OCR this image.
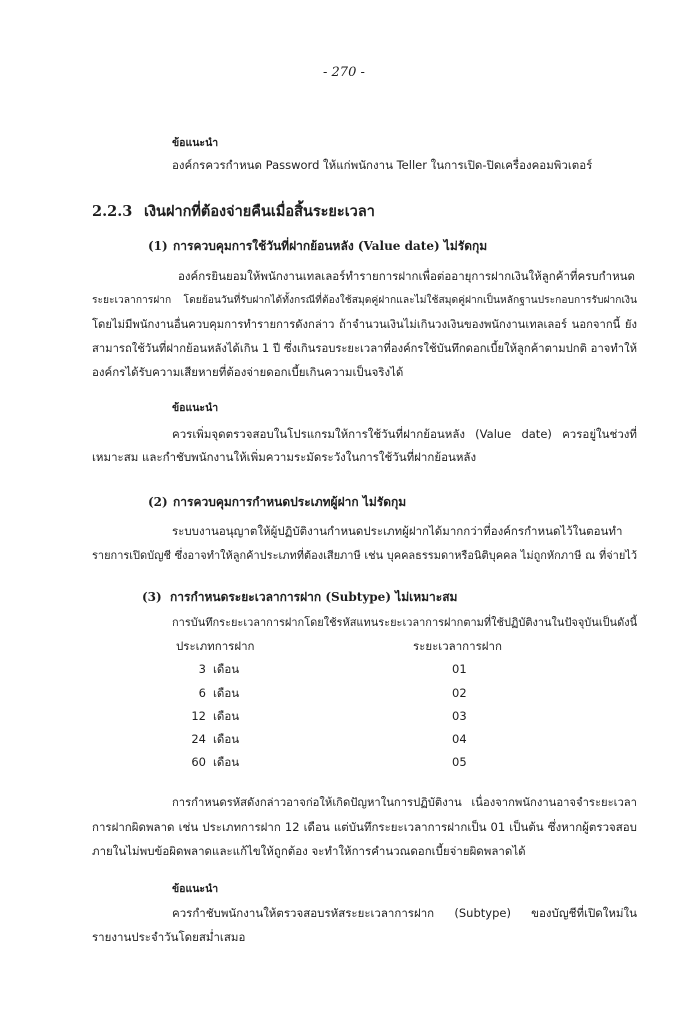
- 270 -
ข้อแนะนำ
องค์กรควรกำหนด Password ให้แก่พนักงาน Teller ในการเปิด-ปิดเครื่องคอมพิวเตอร์
2.2.3 เงินฝากที่ต้องจ่ายคืนเมื่อสิ้นระยะเวลา
(1) การควบคุมการใช้วันที่ฝากย้อนหลัง (Value date) ไม่รัดกุม
องค์กรยินยอมให้พนักงานเทลเลอร์ทำรายการฝากเพื่อต่ออายุการฝากเงินให้ลูกค้าที่ครบกำหนด
ระยะเวลาการฝาก โดยย้อนวันที่รับฝากได้ทั้งกรณีที่ต้องใช้สมุดคู่ฝากและไม่ใช้สมุดคู่ฝากเป็นหลักฐานประกอบการรับฝากเงิน
โดยไม่มีพนักงานอื่นควบคุมการทำรายการดังกล่าว ถ้าจำนวนเงินไม่เกินวงเงินของพนักงานเทลเลอร์ นอกจากนี้ ยัง
สามารถใช้วันที่ฝากย้อนหลังได้เกิน 1 ปี ซึ่งเกินรอบระยะเวลาที่องค์กรใช้บันทึกดอกเบี้ยให้ลูกค้าตามปกติ อาจทำให้
องค์กรได้รับความเสียหายที่ต้องจ่ายดอกเบี้ยเกินความเป็นจริงได้
ข้อแนะนำ
ควรเพิ่มจุดตรวจสอบในโปรแกรมให้การใช้วันที่ฝากย้อนหลัง (Value date) ควรอยู่ในช่วงที่
เหมาะสม และกำชับพนักงานให้เพิ่มความระมัดระวังในการใช้วันที่ฝากย้อนหลัง
(2) การควบคุมการกำหนดประเภทผู้ฝาก ไม่รัดกุม
ระบบงานอนุญาตให้ผู้ปฏิบัติงานกำหนดประเภทผู้ฝากได้มากกว่าที่องค์กรกำหนดไว้ในตอนทำ
รายการเปิดบัญชี ซึ่งอาจทำให้ลูกค้าประเภทที่ต้องเสียภาษี เช่น บุคคลธรรมดาหรือนิติบุคคล ไม่ถูกหักภาษี ณ ที่จ่ายไว้
(3) การกำหนดระยะเวลาการฝาก (Subtype) ไม่เหมาะสม
การบันทึกระยะเวลาการฝากโดยใช้รหัสแทนระยะเวลาการฝากตามที่ใช้ปฏิบัติงานในปัจจุบันเป็นดังนี้
ประเภทการฝาก	ระยะเวลาการฝาก
3 เดือน	01
6 เดือน	02
12 เดือน	03
24 เดือน	04
60 เดือน	05
การกำหนดรหัสดังกล่าวอาจก่อให้เกิดปัญหาในการปฏิบัติงาน เนื่องจากพนักงานอาจจำระยะเวลา
การฝากผิดพลาด เช่น ประเภทการฝาก 12 เดือน แต่บันทึกระยะเวลาการฝากเป็น 01 เป็นต้น ซึ่งหากผู้ตรวจสอบ
ภายในไม่พบข้อผิดพลาดและแก้ไขให้ถูกต้อง จะทำให้การคำนวณดอกเบี้ยจ่ายผิดพลาดได้
ข้อแนะนำ
ควรกำชับพนักงานให้ตรวจสอบรหัสระยะเวลาการฝาก (Subtype) ของบัญชีที่เปิดใหม่ใน
รายงานประจำวันโดยสม่ำเสมอ
